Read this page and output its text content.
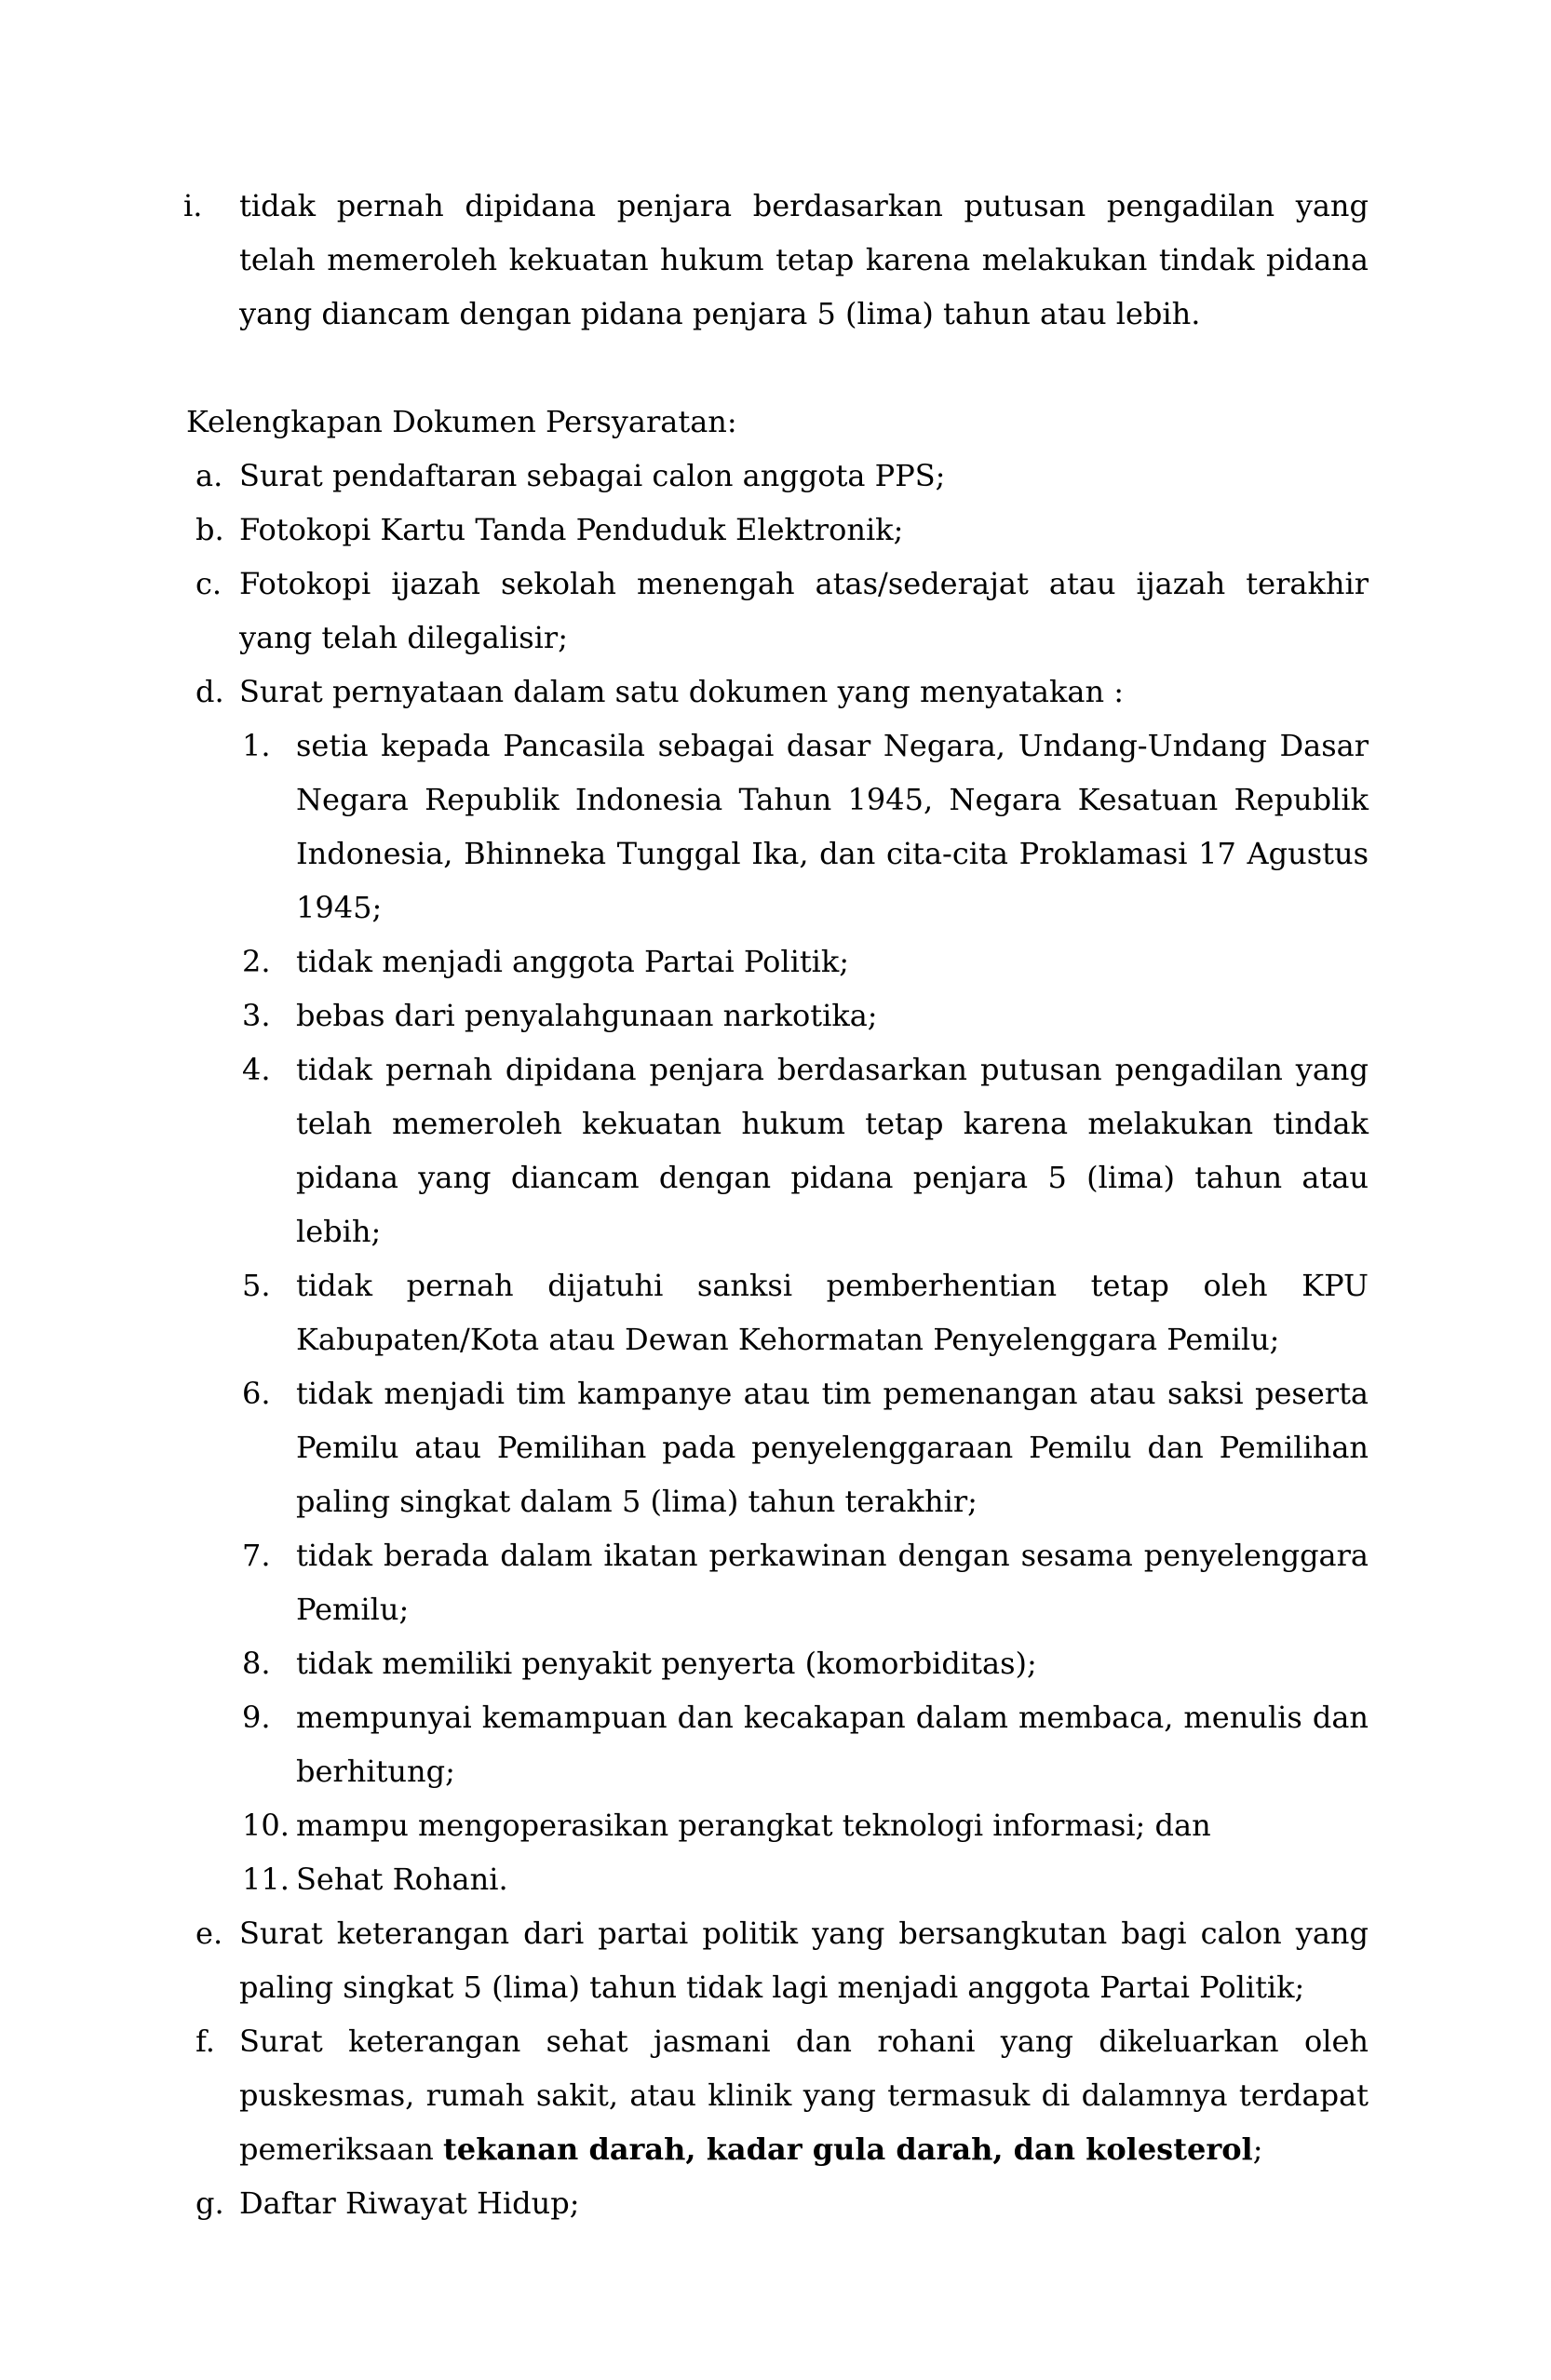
i. tidak pernah dipidana penjara berdasarkan putusan pengadilan yang telah memeroleh kekuatan hukum tetap karena melakukan tindak pidana yang diancam dengan pidana penjara 5 (lima) tahun atau lebih.
Kelengkapan Dokumen Persyaratan:
a. Surat pendaftaran sebagai calon anggota PPS;
b. Fotokopi Kartu Tanda Penduduk Elektronik;
c. Fotokopi ijazah sekolah menengah atas/sederajat atau ijazah terakhir yang telah dilegalisir;
d. Surat pernyataan dalam satu dokumen yang menyatakan :
1. setia kepada Pancasila sebagai dasar Negara, Undang-Undang Dasar Negara Republik Indonesia Tahun 1945, Negara Kesatuan Republik Indonesia, Bhinneka Tunggal Ika, dan cita-cita Proklamasi 17 Agustus 1945;
2. tidak menjadi anggota Partai Politik;
3. bebas dari penyalahgunaan narkotika;
4. tidak pernah dipidana penjara berdasarkan putusan pengadilan yang telah memeroleh kekuatan hukum tetap karena melakukan tindak pidana yang diancam dengan pidana penjara 5 (lima) tahun atau lebih;
5. tidak pernah dijatuhi sanksi pemberhentian tetap oleh KPU Kabupaten/Kota atau Dewan Kehormatan Penyelenggara Pemilu;
6. tidak menjadi tim kampanye atau tim pemenangan atau saksi peserta Pemilu atau Pemilihan pada penyelenggaraan Pemilu dan Pemilihan paling singkat dalam 5 (lima) tahun terakhir;
7. tidak berada dalam ikatan perkawinan dengan sesama penyelenggara Pemilu;
8. tidak memiliki penyakit penyerta (komorbiditas);
9. mempunyai kemampuan dan kecakapan dalam membaca, menulis dan berhitung;
10. mampu mengoperasikan perangkat teknologi informasi; dan
11. Sehat Rohani.
e. Surat keterangan dari partai politik yang bersangkutan bagi calon yang paling singkat 5 (lima) tahun tidak lagi menjadi anggota Partai Politik;
f. Surat keterangan sehat jasmani dan rohani yang dikeluarkan oleh puskesmas, rumah sakit, atau klinik yang termasuk di dalamnya terdapat pemeriksaan tekanan darah, kadar gula darah, dan kolesterol;
g. Daftar Riwayat Hidup;
